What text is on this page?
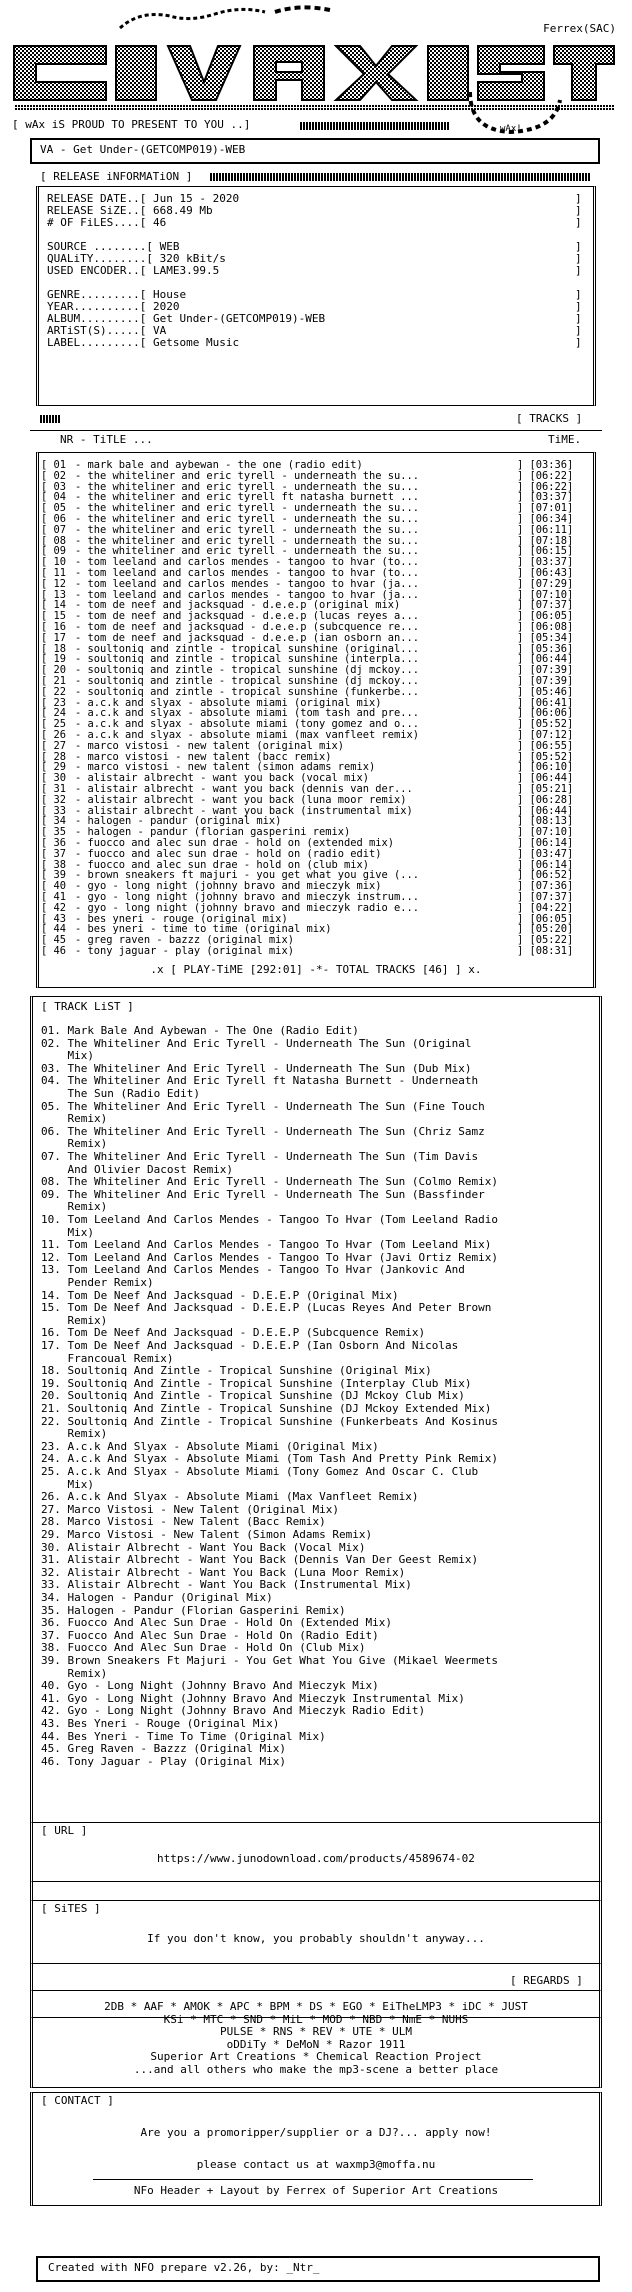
Ferrex(SAC)
wAx!
[ wAx iS PROUD TO PRESENT TO YOU ..]
VA - Get Under-(GETCOMP019)-WEB
[ RELEASE iNFORMATiON ]
RELEASE DATE..[ Jun 15 - 2020	]
RELEASE SiZE..[ 668.49 Mb	]
# OF FiLES....[ 46	]
SOURCE ........[ WEB	]
QUALiTY........[ 320 kBit/s	]
USED ENCODER..[ LAME3.99.5	]
GENRE.........[ House	]
YEAR..........[ 2020	]
ALBUM.........[ Get Under-(GETCOMP019)-WEB	]
ARTiST(S).....[ VA	]
LABEL.........[ Getsome Music	]
[ TRACKS ]
NR - TiTLE ...	TiME.
[ 01 - mark bale and aybewan - the one (radio edit)	] [03:36]
[ 02 - the whiteliner and eric tyrell - underneath the su...	] [06:22]
[ 03 - the whiteliner and eric tyrell - underneath the su...	] [06:22]
[ 04 - the whiteliner and eric tyrell ft natasha burnett ...	] [03:37]
[ 05 - the whiteliner and eric tyrell - underneath the su...	] [07:01]
[ 06 - the whiteliner and eric tyrell - underneath the su...	] [06:34]
[ 07 - the whiteliner and eric tyrell - underneath the su...	] [06:11]
[ 08 - the whiteliner and eric tyrell - underneath the su...	] [07:18]
[ 09 - the whiteliner and eric tyrell - underneath the su...	] [06:15]
[ 10 - tom leeland and carlos mendes - tangoo to hvar (to...	] [03:37]
[ 11 - tom leeland and carlos mendes - tangoo to hvar (to...	] [06:43]
[ 12 - tom leeland and carlos mendes - tangoo to hvar (ja...	] [07:29]
[ 13 - tom leeland and carlos mendes - tangoo to hvar (ja...	] [07:10]
[ 14 - tom de neef and jacksquad - d.e.e.p (original mix)	] [07:37]
[ 15 - tom de neef and jacksquad - d.e.e.p (lucas reyes a...	] [06:05]
[ 16 - tom de neef and jacksquad - d.e.e.p (subcquence re...	] [06:08]
[ 17 - tom de neef and jacksquad - d.e.e.p (ian osborn an...	] [05:34]
[ 18 - soultoniq and zintle - tropical sunshine (original...	] [05:36]
[ 19 - soultoniq and zintle - tropical sunshine (interpla...	] [06:44]
[ 20 - soultoniq and zintle - tropical sunshine (dj mckoy...	] [07:39]
[ 21 - soultoniq and zintle - tropical sunshine (dj mckoy...	] [07:39]
[ 22 - soultoniq and zintle - tropical sunshine (funkerbe...	] [05:46]
[ 23 - a.c.k and slyax - absolute miami (original mix)	] [06:41]
[ 24 - a.c.k and slyax - absolute miami (tom tash and pre...	] [06:06]
[ 25 - a.c.k and slyax - absolute miami (tony gomez and o...	] [05:52]
[ 26 - a.c.k and slyax - absolute miami (max vanfleet remix)	] [07:12]
[ 27 - marco vistosi - new talent (original mix)	] [06:55]
[ 28 - marco vistosi - new talent (bacc remix)	] [05:52]
[ 29 - marco vistosi - new talent (simon adams remix)	] [06:10]
[ 30 - alistair albrecht - want you back (vocal mix)	] [06:44]
[ 31 - alistair albrecht - want you back (dennis van der...	] [05:21]
[ 32 - alistair albrecht - want you back (luna moor remix)	] [06:28]
[ 33 - alistair albrecht - want you back (instrumental mix)	] [06:44]
[ 34 - halogen - pandur (original mix)	] [08:13]
[ 35 - halogen - pandur (florian gasperini remix)	] [07:10]
[ 36 - fuocco and alec sun drae - hold on (extended mix)	] [06:14]
[ 37 - fuocco and alec sun drae - hold on (radio edit)	] [03:47]
[ 38 - fuocco and alec sun drae - hold on (club mix)	] [06:14]
[ 39 - brown sneakers ft majuri - you get what you give (...	] [06:52]
[ 40 - gyo - long night (johnny bravo and mieczyk mix)	] [07:36]
[ 41 - gyo - long night (johnny bravo and mieczyk instrum...	] [07:37]
[ 42 - gyo - long night (johnny bravo and mieczyk radio e...	] [04:22]
[ 43 - bes yneri - rouge (original mix)	] [06:05]
[ 44 - bes yneri - time to time (original mix)	] [05:20]
[ 45 - greg raven - bazzz (original mix)	] [05:22]
[ 46 - tony jaguar - play (original mix)	] [08:31]
.x [ PLAY-TiME [292:01] -*- TOTAL TRACKS [46] ] x.
[ TRACK LiST ]
01. Mark Bale And Aybewan - The One (Radio Edit)
02. The Whiteliner And Eric Tyrell - Underneath The Sun (Original
Mix)
03. The Whiteliner And Eric Tyrell - Underneath The Sun (Dub Mix)
04. The Whiteliner And Eric Tyrell ft Natasha Burnett - Underneath
The Sun (Radio Edit)
05. The Whiteliner And Eric Tyrell - Underneath The Sun (Fine Touch
Remix)
06. The Whiteliner And Eric Tyrell - Underneath The Sun (Chriz Samz
Remix)
07. The Whiteliner And Eric Tyrell - Underneath The Sun (Tim Davis
And Olivier Dacost Remix)
08. The Whiteliner And Eric Tyrell - Underneath The Sun (Colmo Remix)
09. The Whiteliner And Eric Tyrell - Underneath The Sun (Bassfinder
Remix)
10. Tom Leeland And Carlos Mendes - Tangoo To Hvar (Tom Leeland Radio
Mix)
11. Tom Leeland And Carlos Mendes - Tangoo To Hvar (Tom Leeland Mix)
12. Tom Leeland And Carlos Mendes - Tangoo To Hvar (Javi Ortiz Remix)
13. Tom Leeland And Carlos Mendes - Tangoo To Hvar (Jankovic And
Pender Remix)
14. Tom De Neef And Jacksquad - D.E.E.P (Original Mix)
15. Tom De Neef And Jacksquad - D.E.E.P (Lucas Reyes And Peter Brown
Remix)
16. Tom De Neef And Jacksquad - D.E.E.P (Subcquence Remix)
17. Tom De Neef And Jacksquad - D.E.E.P (Ian Osborn And Nicolas
Francoual Remix)
18. Soultoniq And Zintle - Tropical Sunshine (Original Mix)
19. Soultoniq And Zintle - Tropical Sunshine (Interplay Club Mix)
20. Soultoniq And Zintle - Tropical Sunshine (DJ Mckoy Club Mix)
21. Soultoniq And Zintle - Tropical Sunshine (DJ Mckoy Extended Mix)
22. Soultoniq And Zintle - Tropical Sunshine (Funkerbeats And Kosinus
Remix)
23. A.c.k And Slyax - Absolute Miami (Original Mix)
24. A.c.k And Slyax - Absolute Miami (Tom Tash And Pretty Pink Remix)
25. A.c.k And Slyax - Absolute Miami (Tony Gomez And Oscar C. Club
Mix)
26. A.c.k And Slyax - Absolute Miami (Max Vanfleet Remix)
27. Marco Vistosi - New Talent (Original Mix)
28. Marco Vistosi - New Talent (Bacc Remix)
29. Marco Vistosi - New Talent (Simon Adams Remix)
30. Alistair Albrecht - Want You Back (Vocal Mix)
31. Alistair Albrecht - Want You Back (Dennis Van Der Geest Remix)
32. Alistair Albrecht - Want You Back (Luna Moor Remix)
33. Alistair Albrecht - Want You Back (Instrumental Mix)
34. Halogen - Pandur (Original Mix)
35. Halogen - Pandur (Florian Gasperini Remix)
36. Fuocco And Alec Sun Drae - Hold On (Extended Mix)
37. Fuocco And Alec Sun Drae - Hold On (Radio Edit)
38. Fuocco And Alec Sun Drae - Hold On (Club Mix)
39. Brown Sneakers Ft Majuri - You Get What You Give (Mikael Weermets
Remix)
40. Gyo - Long Night (Johnny Bravo And Mieczyk Mix)
41. Gyo - Long Night (Johnny Bravo And Mieczyk Instrumental Mix)
42. Gyo - Long Night (Johnny Bravo And Mieczyk Radio Edit)
43. Bes Yneri - Rouge (Original Mix)
44. Bes Yneri - Time To Time (Original Mix)
45. Greg Raven - Bazzz (Original Mix)
46. Tony Jaguar - Play (Original Mix)
[ URL ]
https://www.junodownload.com/products/4589674-02
[ SiTES ]
If you don't know, you probably shouldn't anyway...
[ REGARDS ]
2DB * AAF * AMOK * APC * BPM * DS * EGO * EiTheLMP3 * iDC * JUST
KSi * MTC * SND * MiL * MOD * NBD * NmE * NUHS
PULSE * RNS * REV * UTE * ULM
oDDiTy * DeMoN * Razor 1911
Superior Art Creations * Chemical Reaction Project
...and all others who make the mp3-scene a better place
[ CONTACT ]
Are you a promoripper/supplier or a DJ?... apply now!
please contact us at waxmp3@moffa.nu
NFo Header + Layout by Ferrex of Superior Art Creations
Created with NFO prepare v2.26, by: _Ntr_
